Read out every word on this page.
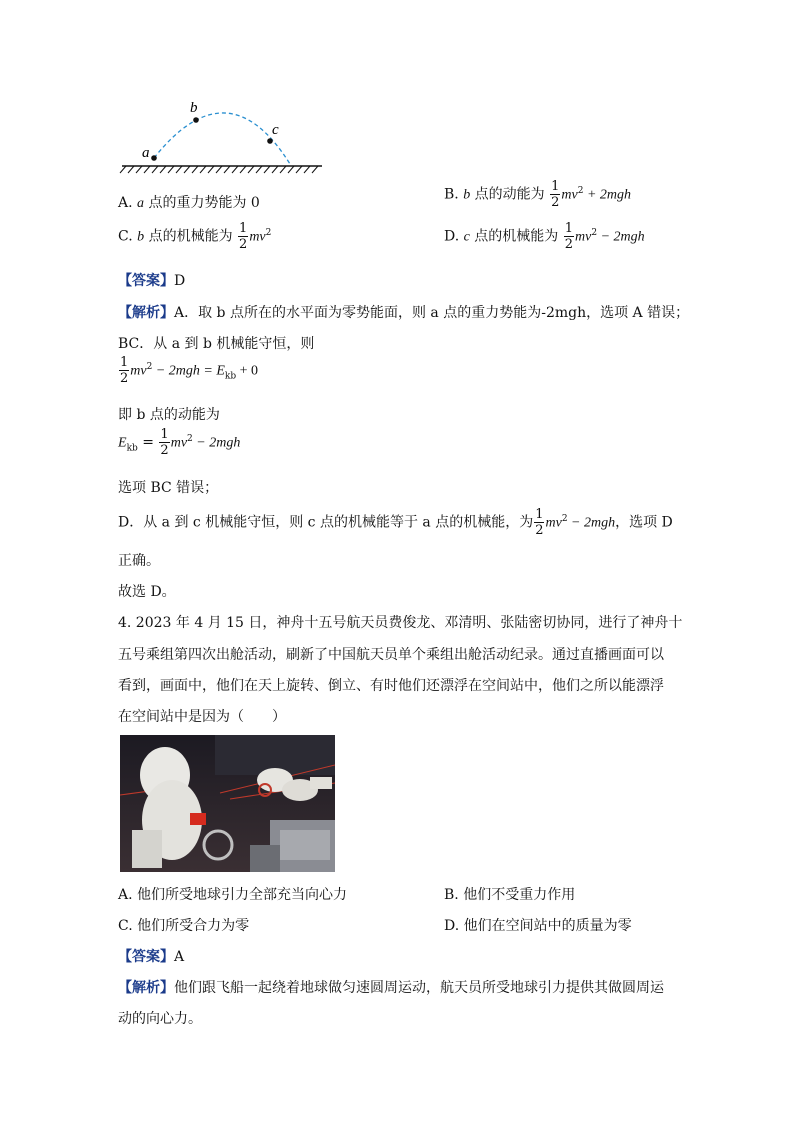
a
b
c
A. a 点的重力势能为 0
B. b 点的动能为 $\frac{1}{2} mv^2 + 2mgh$
C. b 点的机械能为 $\frac{1}{2} mv^2$	D. c 点的机械能为 $\frac{1}{2} mv^2 - 2mgh$
【答案】D
【解析】A．取 b 点所在的水平面为零势能面，则 a 点的重力势能为-2mgh，选项 A 错误；
BC．从 a 到 b 机械能守恒，则
$\frac{1}{2} mv^2 - 2mgh = E_{kb} + 0$
即 b 点的动能为
$E_{kb} = \frac{1}{2} mv^2 - 2mgh$
选项 BC 错误；
D．从 a 到 c 机械能守恒，则 c 点的机械能等于 a 点的机械能，为 $\frac{1}{2} mv^2 - 2mgh$，选项 D
正确。
故选 D。
4. 2023 年 4 月 15 日，神舟十五号航天员费俊龙、邓清明、张陆密切协同，进行了神舟十
五号乘组第四次出舱活动，刷新了中国航天员单个乘组出舱活动纪录。通过直播画面可以
看到，画面中，他们在天上旋转、倒立、有时他们还漂浮在空间站中，他们之所以能漂浮
在空间站中是因为（　　）
A. 他们所受地球引力全部充当向心力	B. 他们不受重力作用
C. 他们所受合力为零	D. 他们在空间站中的质量为零
【答案】A
【解析】他们跟飞船一起绕着地球做匀速圆周运动，航天员所受地球引力提供其做圆周运
动的向心力。
